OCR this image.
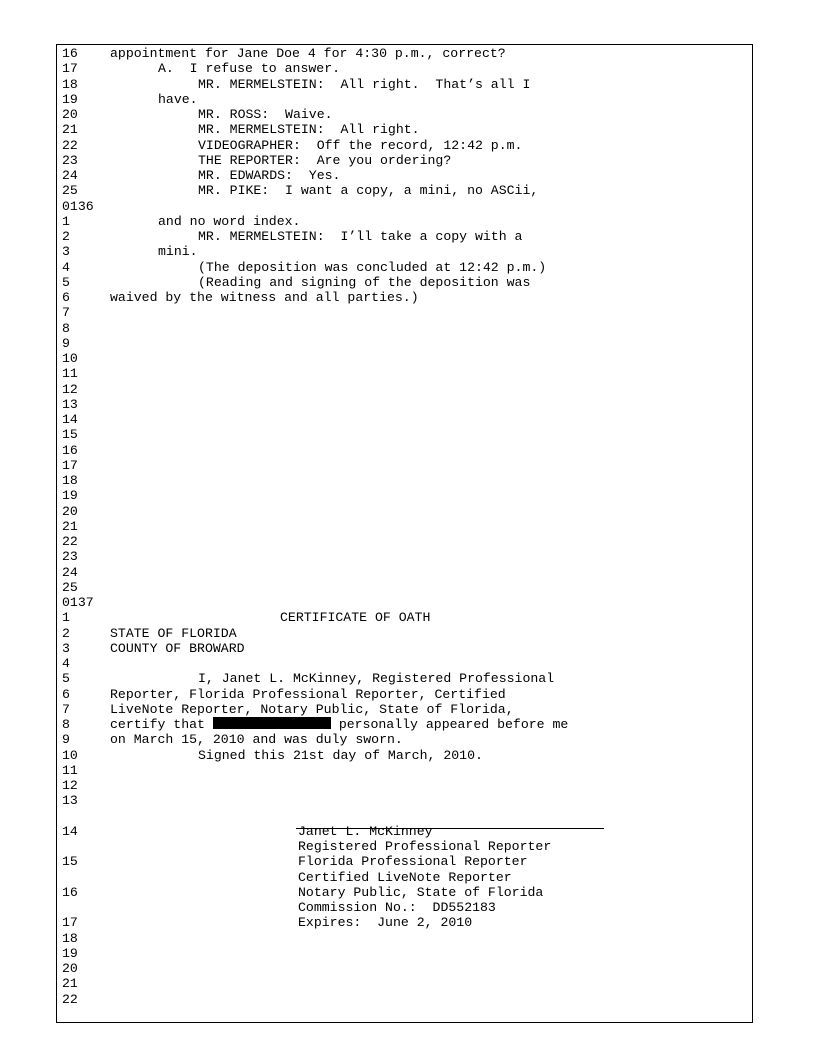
16 appointment for Jane Doe 4 for 4:30 p.m., correct?
17	A.  I refuse to answer.
18	MR. MERMELSTEIN:  All right.  That’s all I
19	have.
20	MR. ROSS:  Waive.
21	MR. MERMELSTEIN:  All right.
22	VIDEOGRAPHER:  Off the record, 12:42 p.m.
23	THE REPORTER:  Are you ordering?
24	MR. EDWARDS:  Yes.
25	MR. PIKE:  I want a copy, a mini, no ASCii,
0136
1	and no word index.
2	MR. MERMELSTEIN:  I’ll take a copy with a
3	mini.
4	(The deposition was concluded at 12:42 p.m.)
5	(Reading and signing of the deposition was
6	waived by the witness and all parties.)
7
8
9
10
11
12
13
14
15
16
17
18
19
20
21
22
23
24
25
0137

1

	CERTIFICATE OF OATH

2

	STATE OF FLORIDA

3

	COUNTY OF BROWARD

4

5

	I, Janet L. McKinney, Registered Professional

6

	Reporter, Florida Professional Reporter, Certified

7

	LiveNote Reporter, Notary Public, State of Florida,

8

	certify that	personally appeared before me

9

	on March 15, 2010 and was duly sworn.

10

	Signed this 21st day of March, 2010.

11
12
13

14

	Janet L. McKinney

Registered Professional Reporter

15

	Florida Professional Reporter

Certified LiveNote Reporter

16

	Notary Public, State of Florida

Commission No.:  DD552183

17

	Expires:  June 2, 2010

18
19
20
21
22
